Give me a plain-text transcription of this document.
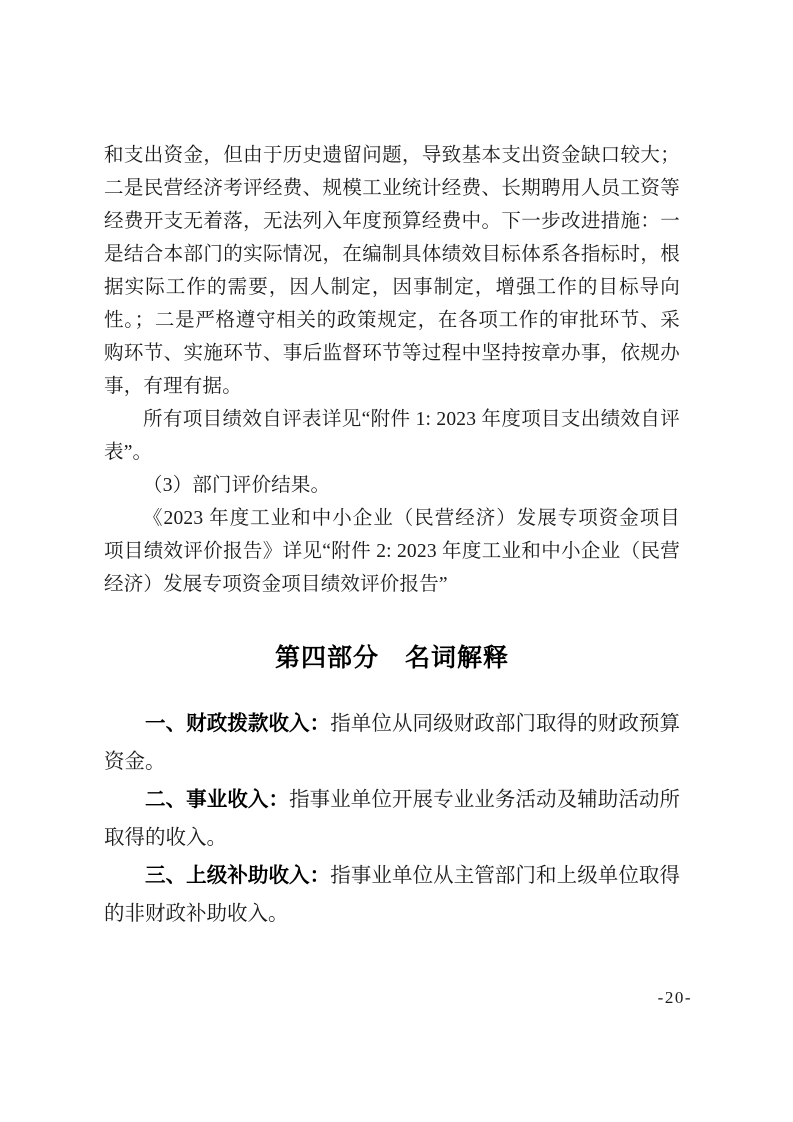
和支出资金，但由于历史遗留问题，导致基本支出资金缺口较大；二是民营经济考评经费、规模工业统计经费、长期聘用人员工资等经费开支无着落，无法列入年度预算经费中。下一步改进措施：一是结合本部门的实际情况，在编制具体绩效目标体系各指标时，根据实际工作的需要，因人制定，因事制定，增强工作的目标导向性。；二是严格遵守相关的政策规定，在各项工作的审批环节、采购环节、实施环节、事后监督环节等过程中坚持按章办事，依规办事，有理有据。

所有项目绩效自评表详见“附件 1: 2023 年度项目支出绩效自评表”。

（3）部门评价结果。

《2023 年度工业和中小企业（民营经济）发展专项资金项目项目绩效评价报告》详见“附件 2: 2023 年度工业和中小企业（民营经济）发展专项资金项目绩效评价报告”

第四部分　名词解释

一、财政拨款收入：指单位从同级财政部门取得的财政预算资金。

二、事业收入：指事业单位开展专业业务活动及辅助活动所取得的收入。

三、上级补助收入：指事业单位从主管部门和上级单位取得的非财政补助收入。

-20-
